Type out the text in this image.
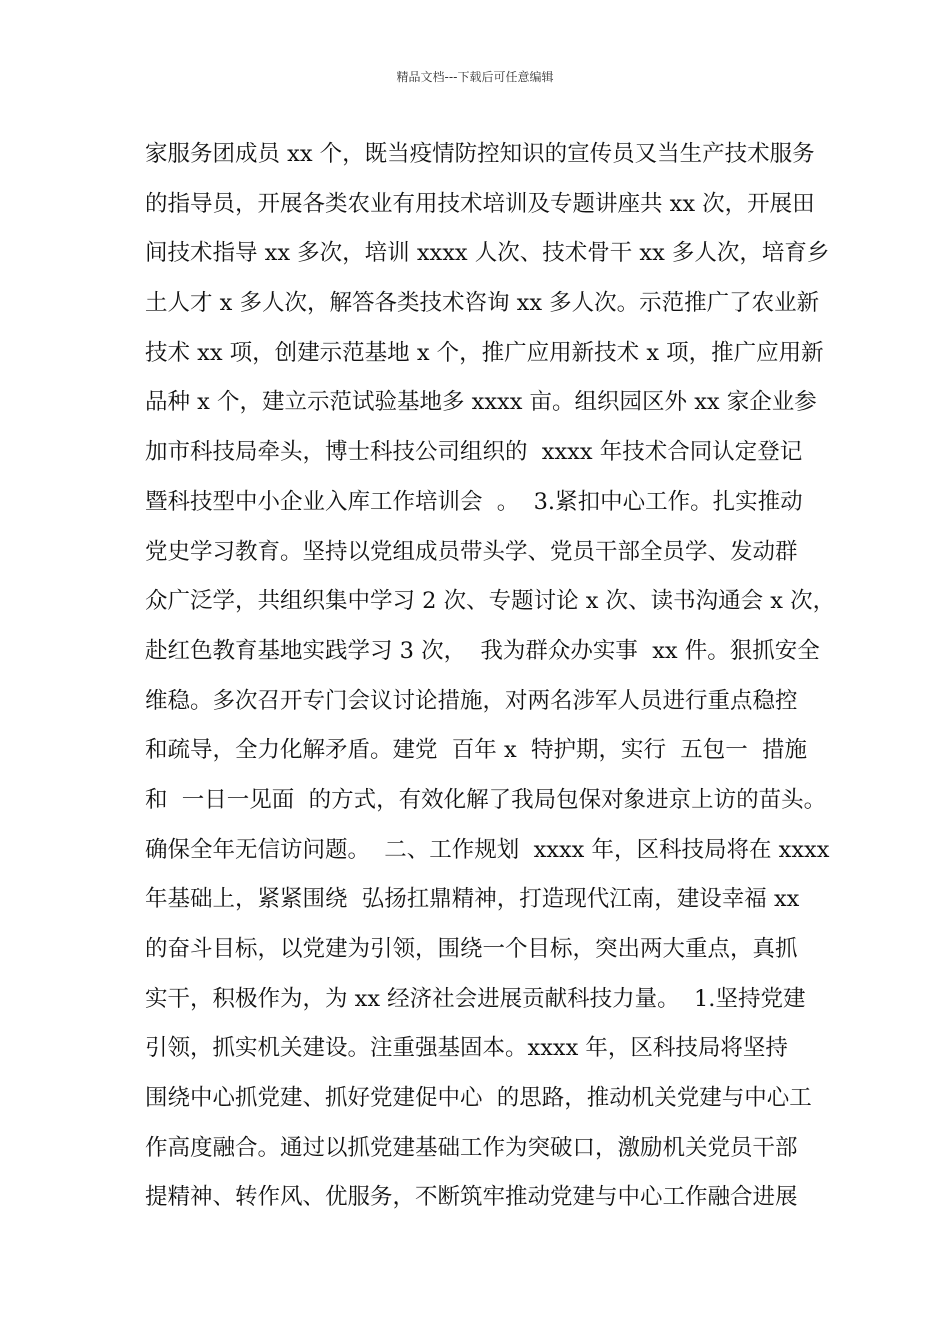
精品文档---下载后可任意编辑
家服务团成员 xx 个，既当疫情防控知识的宣传员又当生产技术服务
的指导员，开展各类农业有用技术培训及专题讲座共 xx 次，开展田
间技术指导 xx 多次，培训 xxxx 人次、技术骨干 xx 多人次，培育乡
土人才 x 多人次，解答各类技术咨询 xx 多人次。示范推广了农业新
技术 xx 项，创建示范基地 x 个，推广应用新技术 x 项，推广应用新
品种 x 个，建立示范试验基地多 xxxx 亩。组织园区外 xx 家企业参
加市科技局牵头，博士科技公司组织的  xxxx 年技术合同认定登记
暨科技型中小企业入库工作培训会  。  3.紧扣中心工作。扎实推动
党史学习教育。坚持以党组成员带头学、党员干部全员学、发动群
众广泛学，共组织集中学习 2 次、专题讨论 x 次、读书沟通会 x 次，
赴红色教育基地实践学习 3 次，  我为群众办实事  xx 件。狠抓安全
维稳。多次召开专门会议讨论措施，对两名涉军人员进行重点稳控
和疏导，全力化解矛盾。建党  百年 x  特护期，实行  五包一  措施
和  一日一见面  的方式，有效化解了我局包保对象进京上访的苗头。
确保全年无信访问题。  二、工作规划  xxxx 年，区科技局将在 xxxx
年基础上，紧紧围绕  弘扬扛鼎精神，打造现代江南，建设幸福 xx
的奋斗目标，以党建为引领，围绕一个目标，突出两大重点，真抓
实干，积极作为，为 xx 经济社会进展贡献科技力量。  1.坚持党建
引领，抓实机关建设。注重强基固本。xxxx 年，区科技局将坚持
围绕中心抓党建、抓好党建促中心  的思路，推动机关党建与中心工
作高度融合。通过以抓党建基础工作为突破口，激励机关党员干部
提精神、转作风、优服务，不断筑牢推动党建与中心工作融合进展
